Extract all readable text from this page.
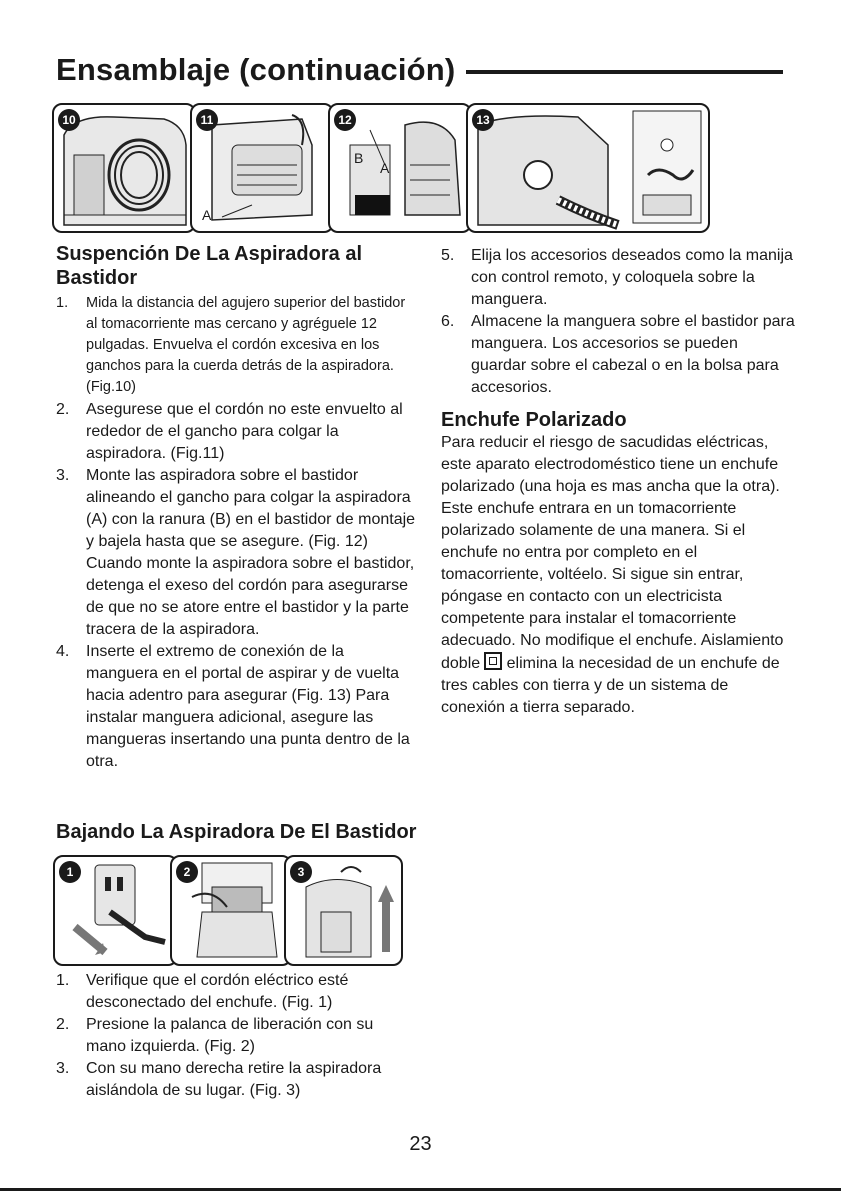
Ensamblaje (continuación)
10	11
A
12
B
A
13
Suspención De La Aspiradora al Bastidor
1. Mida la distancia del agujero superior del bastidor al tomacorriente mas cercano y agréguele 12 pulgadas. Envuelva el cordón excesiva en los ganchos para la cuerda detrás de la aspiradora. (Fig.10)
2. Asegurese que el cordón no este envuelto al rededor de el gancho para colgar la aspiradora. (Fig.11)
3. Monte las aspiradora sobre el bastidor alineando el gancho para colgar la aspiradora (A) con la ranura (B) en el bastidor de montaje y bajela hasta que se asegure. (Fig. 12) Cuando monte la aspiradora sobre el bastidor, detenga el exeso del cordón para asegurarse de que no se atore entre el bastidor y la parte tracera de la aspiradora.
4. Inserte el extremo de conexión de la manguera en el portal de aspirar y de vuelta hacia adentro para asegurar (Fig. 13) Para instalar manguera adicional, asegure las mangueras insertando una punta dentro de la otra.
5. Elija los accesorios deseados como la manija con control remoto, y coloquela sobre la manguera.
6. Almacene la manguera sobre el bastidor para manguera. Los accesorios se pueden guardar sobre el cabezal o en la bolsa para accesorios.
Enchufe Polarizado

Para reducir el riesgo de sacudidas eléctricas, este aparato electrodoméstico tiene un enchufe polarizado (una hoja es mas ancha que la otra). Este enchufe entrara en un tomacorriente polarizado solamente de una manera. Si el enchufe no entra por completo en el tomacorriente, voltéelo. Si sigue sin entrar, póngase en contacto con un electricista competente para instalar el tomacorriente adecuado. No modifique el enchufe. Aislamiento doble elimina la necesidad de un enchufe de tres cables con tierra y de un sistema de conexión a tierra separado.

Bajando La Aspiradora De El Bastidor
1	2	3
1. Verifique que el cordón eléctrico esté desconectado del enchufe. (Fig. 1)
2. Presione la palanca de liberación con su mano izquierda. (Fig. 2)
3. Con su mano derecha retire la aspiradora aislándola de su lugar. (Fig. 3)
23
